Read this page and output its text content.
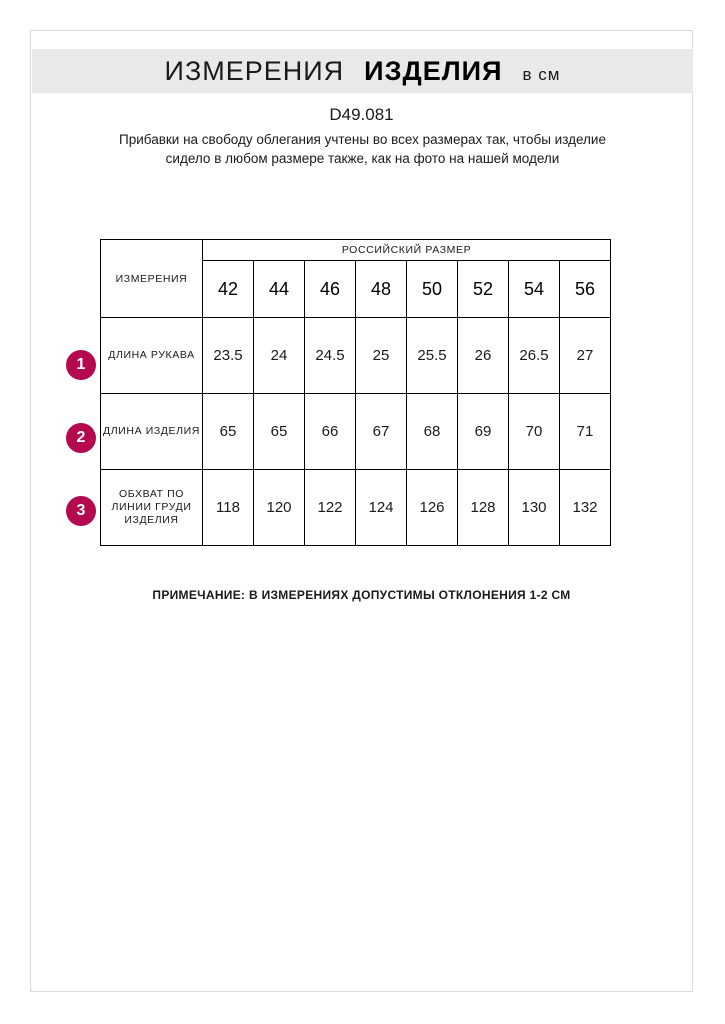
ИЗМЕРЕНИЯ ИЗДЕЛИЯ в см
D49.081
Прибавки на свободу облегания учтены во всех размерах так, чтобы изделие сидело в любом размере также, как на фото на нашей модели
1
2
3
ИЗМЕРЕНИЯ	РОССИЙСКИЙ РАЗМЕР							
	42	44	46	48	50	52	54	56
ДЛИНА РУКАВА	23.5	24	24.5	25	25.5	26	26.5	27
ДЛИНА ИЗДЕЛИЯ	65	65	66	67	68	69	70	71
ОБХВАТ ПО ЛИНИИ ГРУДИ ИЗДЕЛИЯ	118	120	122	124	126	128	130	132
ПРИМЕЧАНИЕ: В ИЗМЕРЕНИЯХ ДОПУСТИМЫ ОТКЛОНЕНИЯ 1-2 СМ
